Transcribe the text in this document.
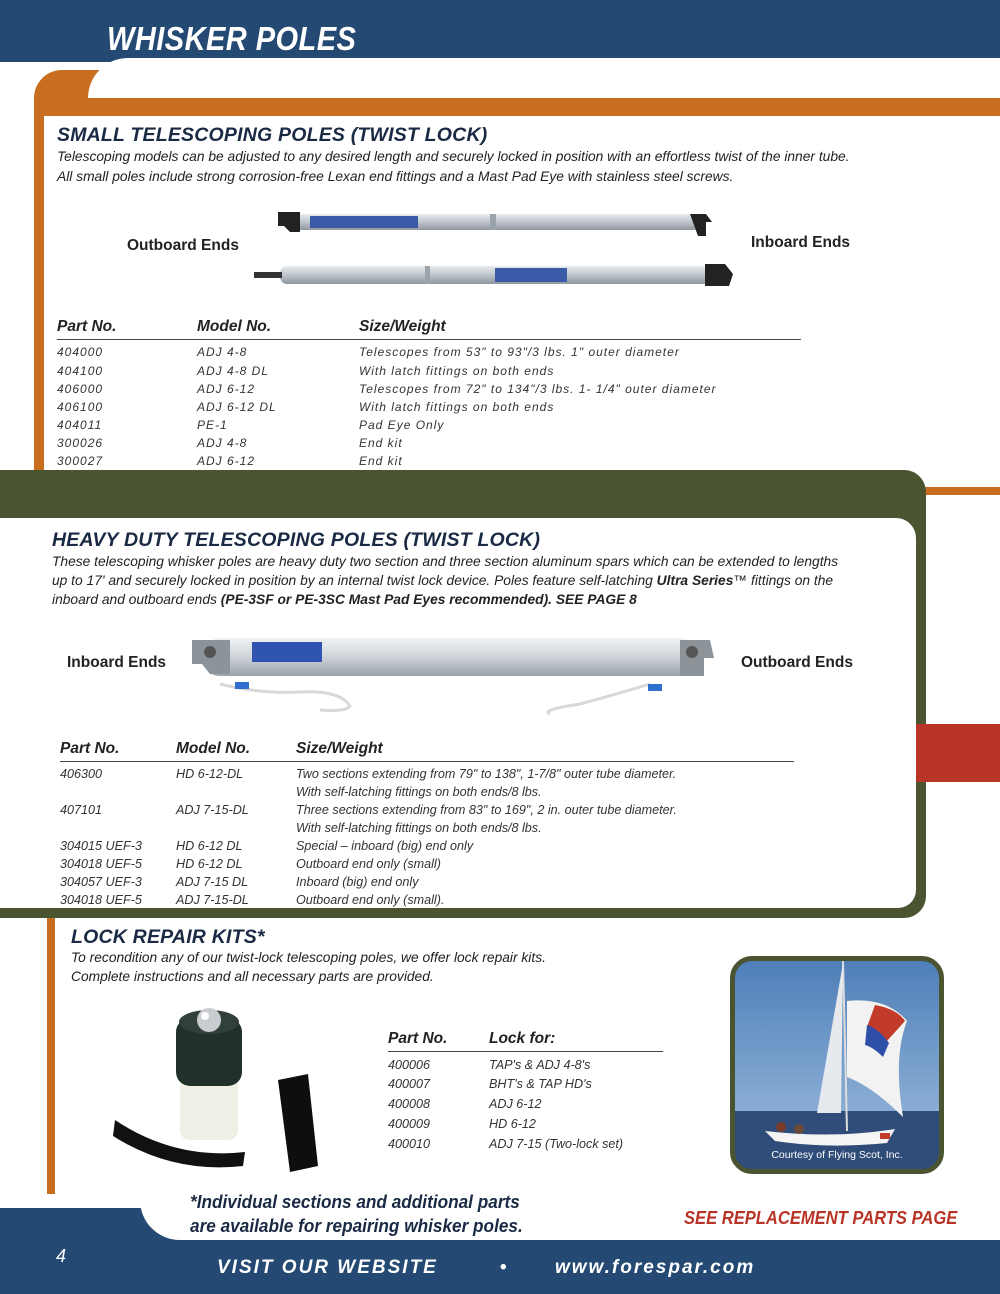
WHISKER POLES
SMALL TELESCOPING POLES (TWIST LOCK)
Telescoping models can be adjusted to any desired length and securely locked in position with an effortless twist of the inner tube.
All small poles include strong corrosion-free Lexan end fittings and a Mast Pad Eye with stainless steel screws.
Outboard Ends	Inboard Ends
Part No.	Model No.	Size/Weight
404000	ADJ 4-8	Telescopes from 53" to 93"/3 lbs. 1" outer diameter
404100	ADJ 4-8 DL	With latch fittings on both ends
406000	ADJ 6-12	Telescopes from 72" to 134"/3 lbs. 1- 1/4" outer diameter
406100	ADJ 6-12 DL	With latch fittings on both ends
404011	PE-1	Pad Eye Only
300026	ADJ 4-8	End kit
300027	ADJ 6-12	End kit
HEAVY DUTY TELESCOPING POLES (TWIST LOCK)
These telescoping whisker poles are heavy duty two section and three section aluminum spars which can be extended to lengths
up to 17' and securely locked in position by an internal twist lock device. Poles feature self-latching Ultra Series™ fittings on the
inboard and outboard ends (PE-3SF or PE-3SC Mast Pad Eyes recommended). SEE PAGE 8
Inboard Ends	Outboard Ends
Part No.	Model No.	Size/Weight
406300	HD 6-12-DL	Two sections extending from 79" to 138", 1-7/8" outer tube diameter.
		With self-latching fittings on both ends/8 lbs.
407101	ADJ 7-15-DL	Three sections extending from 83" to 169", 2 in. outer tube diameter.
		With self-latching fittings on both ends/8 lbs.
304015 UEF-3	HD 6-12 DL	Special – inboard (big) end only
304018 UEF-5	HD 6-12 DL	Outboard end only (small)
304057 UEF-3	ADJ 7-15 DL	Inboard (big) end only
304018 UEF-5	ADJ 7-15-DL	Outboard end only (small).
LOCK REPAIR KITS*
To recondition any of our twist-lock telescoping poles, we offer lock repair kits.
Complete instructions and all necessary parts are provided.
Part No.	Lock for:
400006	TAP's & ADJ 4-8's
400007	BHT's & TAP HD's
400008	ADJ 6-12
400009	HD 6-12
400010	ADJ 7-15 (Two-lock set)
Courtesy of Flying Scot, Inc.
*Individual sections and additional parts
are available for repairing whisker poles.	SEE REPLACEMENT PARTS PAGE
4
VISIT OUR WEBSITE	•	www.forespar.com
